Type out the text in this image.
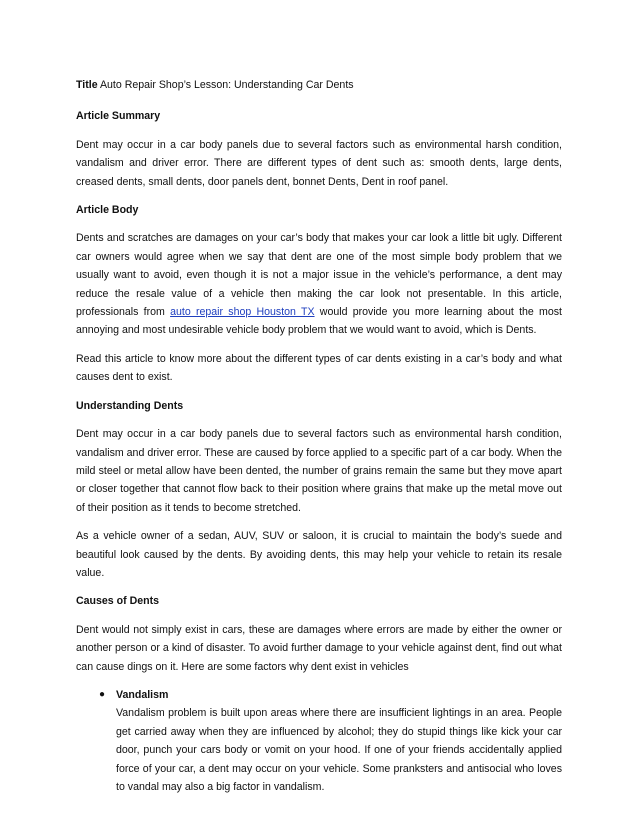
Title Auto Repair Shop’s Lesson: Understanding Car Dents

Article Summary

Dent may occur in a car body panels due to several factors such as environmental harsh condition, vandalism and driver error. There are different types of dent such as: smooth dents, large dents, creased dents, small dents, door panels dent, bonnet Dents, Dent in roof panel.

Article Body

Dents and scratches are damages on your car’s body that makes your car look a little bit ugly. Different car owners would agree when we say that dent are one of the most simple body problem that we usually want to avoid, even though it is not a major issue in the vehicle’s performance, a dent may reduce the resale value of a vehicle then making the car look not presentable. In this article, professionals from auto repair shop Houston TX would provide you more learning about the most annoying and most undesirable vehicle body problem that we would want to avoid, which is Dents.

Read this article to know more about the different types of car dents existing in a car’s body and what causes dent to exist.

Understanding Dents

Dent may occur in a car body panels due to several factors such as environmental harsh condition, vandalism and driver error. These are caused by force applied to a specific part of a car body. When the mild steel or metal allow have been dented, the number of grains remain the same but they move apart or closer together that cannot flow back to their position where grains that make up the metal move out of their position as it tends to become stretched.

As a vehicle owner of a sedan, AUV, SUV or saloon, it is crucial to maintain the body’s suede and beautiful look caused by the dents. By avoiding dents, this may help your vehicle to retain its resale value.

Causes of Dents

Dent would not simply exist in cars, these are damages where errors are made by either the owner or another person or a kind of disaster. To avoid further damage to your vehicle against dent, find out what can cause dings on it. Here are some factors why dent exist in vehicles

● Vandalism

Vandalism problem is built upon areas where there are insufficient lightings in an area. People get carried away when they are influenced by alcohol; they do stupid things like kick your car door, punch your cars body or vomit on your hood. If one of your friends accidentally applied force of your car, a dent may occur on your vehicle. Some pranksters and antisocial who loves to vandal may also a big factor in vandalism.
